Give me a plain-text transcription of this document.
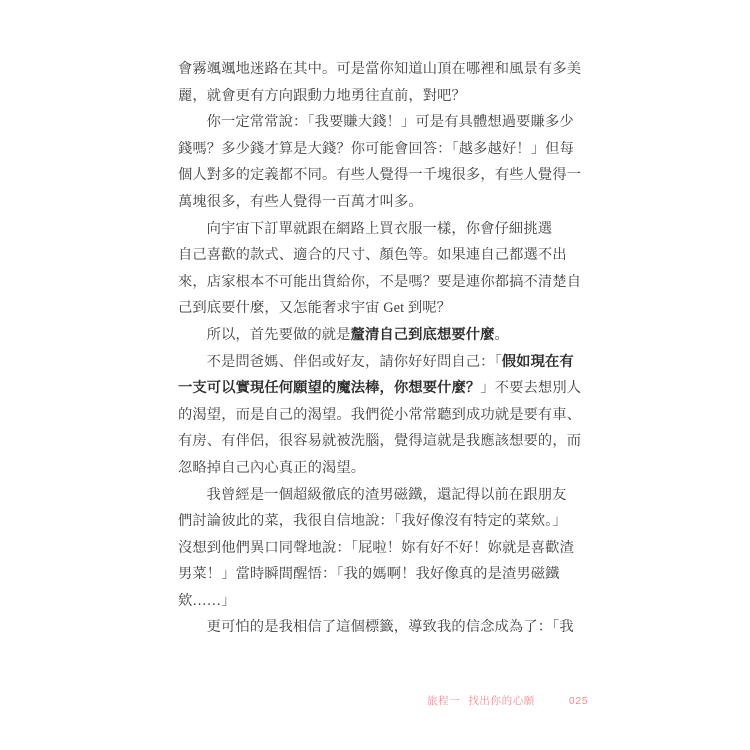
會霧颯颯地迷路在其中。可是當你知道山頂在哪裡和風景有多美
麗，就會更有方向跟動力地勇往直前，對吧？
你一定常常說：「我要賺大錢！」可是有具體想過要賺多少
錢嗎？多少錢才算是大錢？你可能會回答：「越多越好！」但每
個人對多的定義都不同。有些人覺得一千塊很多，有些人覺得一
萬塊很多，有些人覺得一百萬才叫多。
向宇宙下訂單就跟在網路上買衣服一樣，你會仔細挑選
自己喜歡的款式、適合的尺寸、顏色等。如果連自己都選不出
來，店家根本不可能出貨給你，不是嗎？要是連你都搞不清楚自
己到底要什麼，又怎能奢求宇宙 Get 到呢？
所以，首先要做的就是釐清自己到底想要什麼。
不是問爸媽、伴侶或好友，請你好好問自己：「假如現在有
一支可以實現任何願望的魔法棒，你想要什麼？」不要去想別人
的渴望，而是自己的渴望。我們從小常常聽到成功就是要有車、
有房、有伴侶，很容易就被洗腦，覺得這就是我應該想要的，而
忽略掉自己內心真正的渴望。
我曾經是一個超級徹底的渣男磁鐵，還記得以前在跟朋友
們討論彼此的菜，我很自信地說：「我好像沒有特定的菜欸。」
沒想到他們異口同聲地說：「屁啦！妳有好不好！妳就是喜歡渣
男菜！」當時瞬間醒悟：「我的媽啊！我好像真的是渣男磁鐵
欸……」
更可怕的是我相信了這個標籤，導致我的信念成為了：「我
旅程一 找出你的心願	025
